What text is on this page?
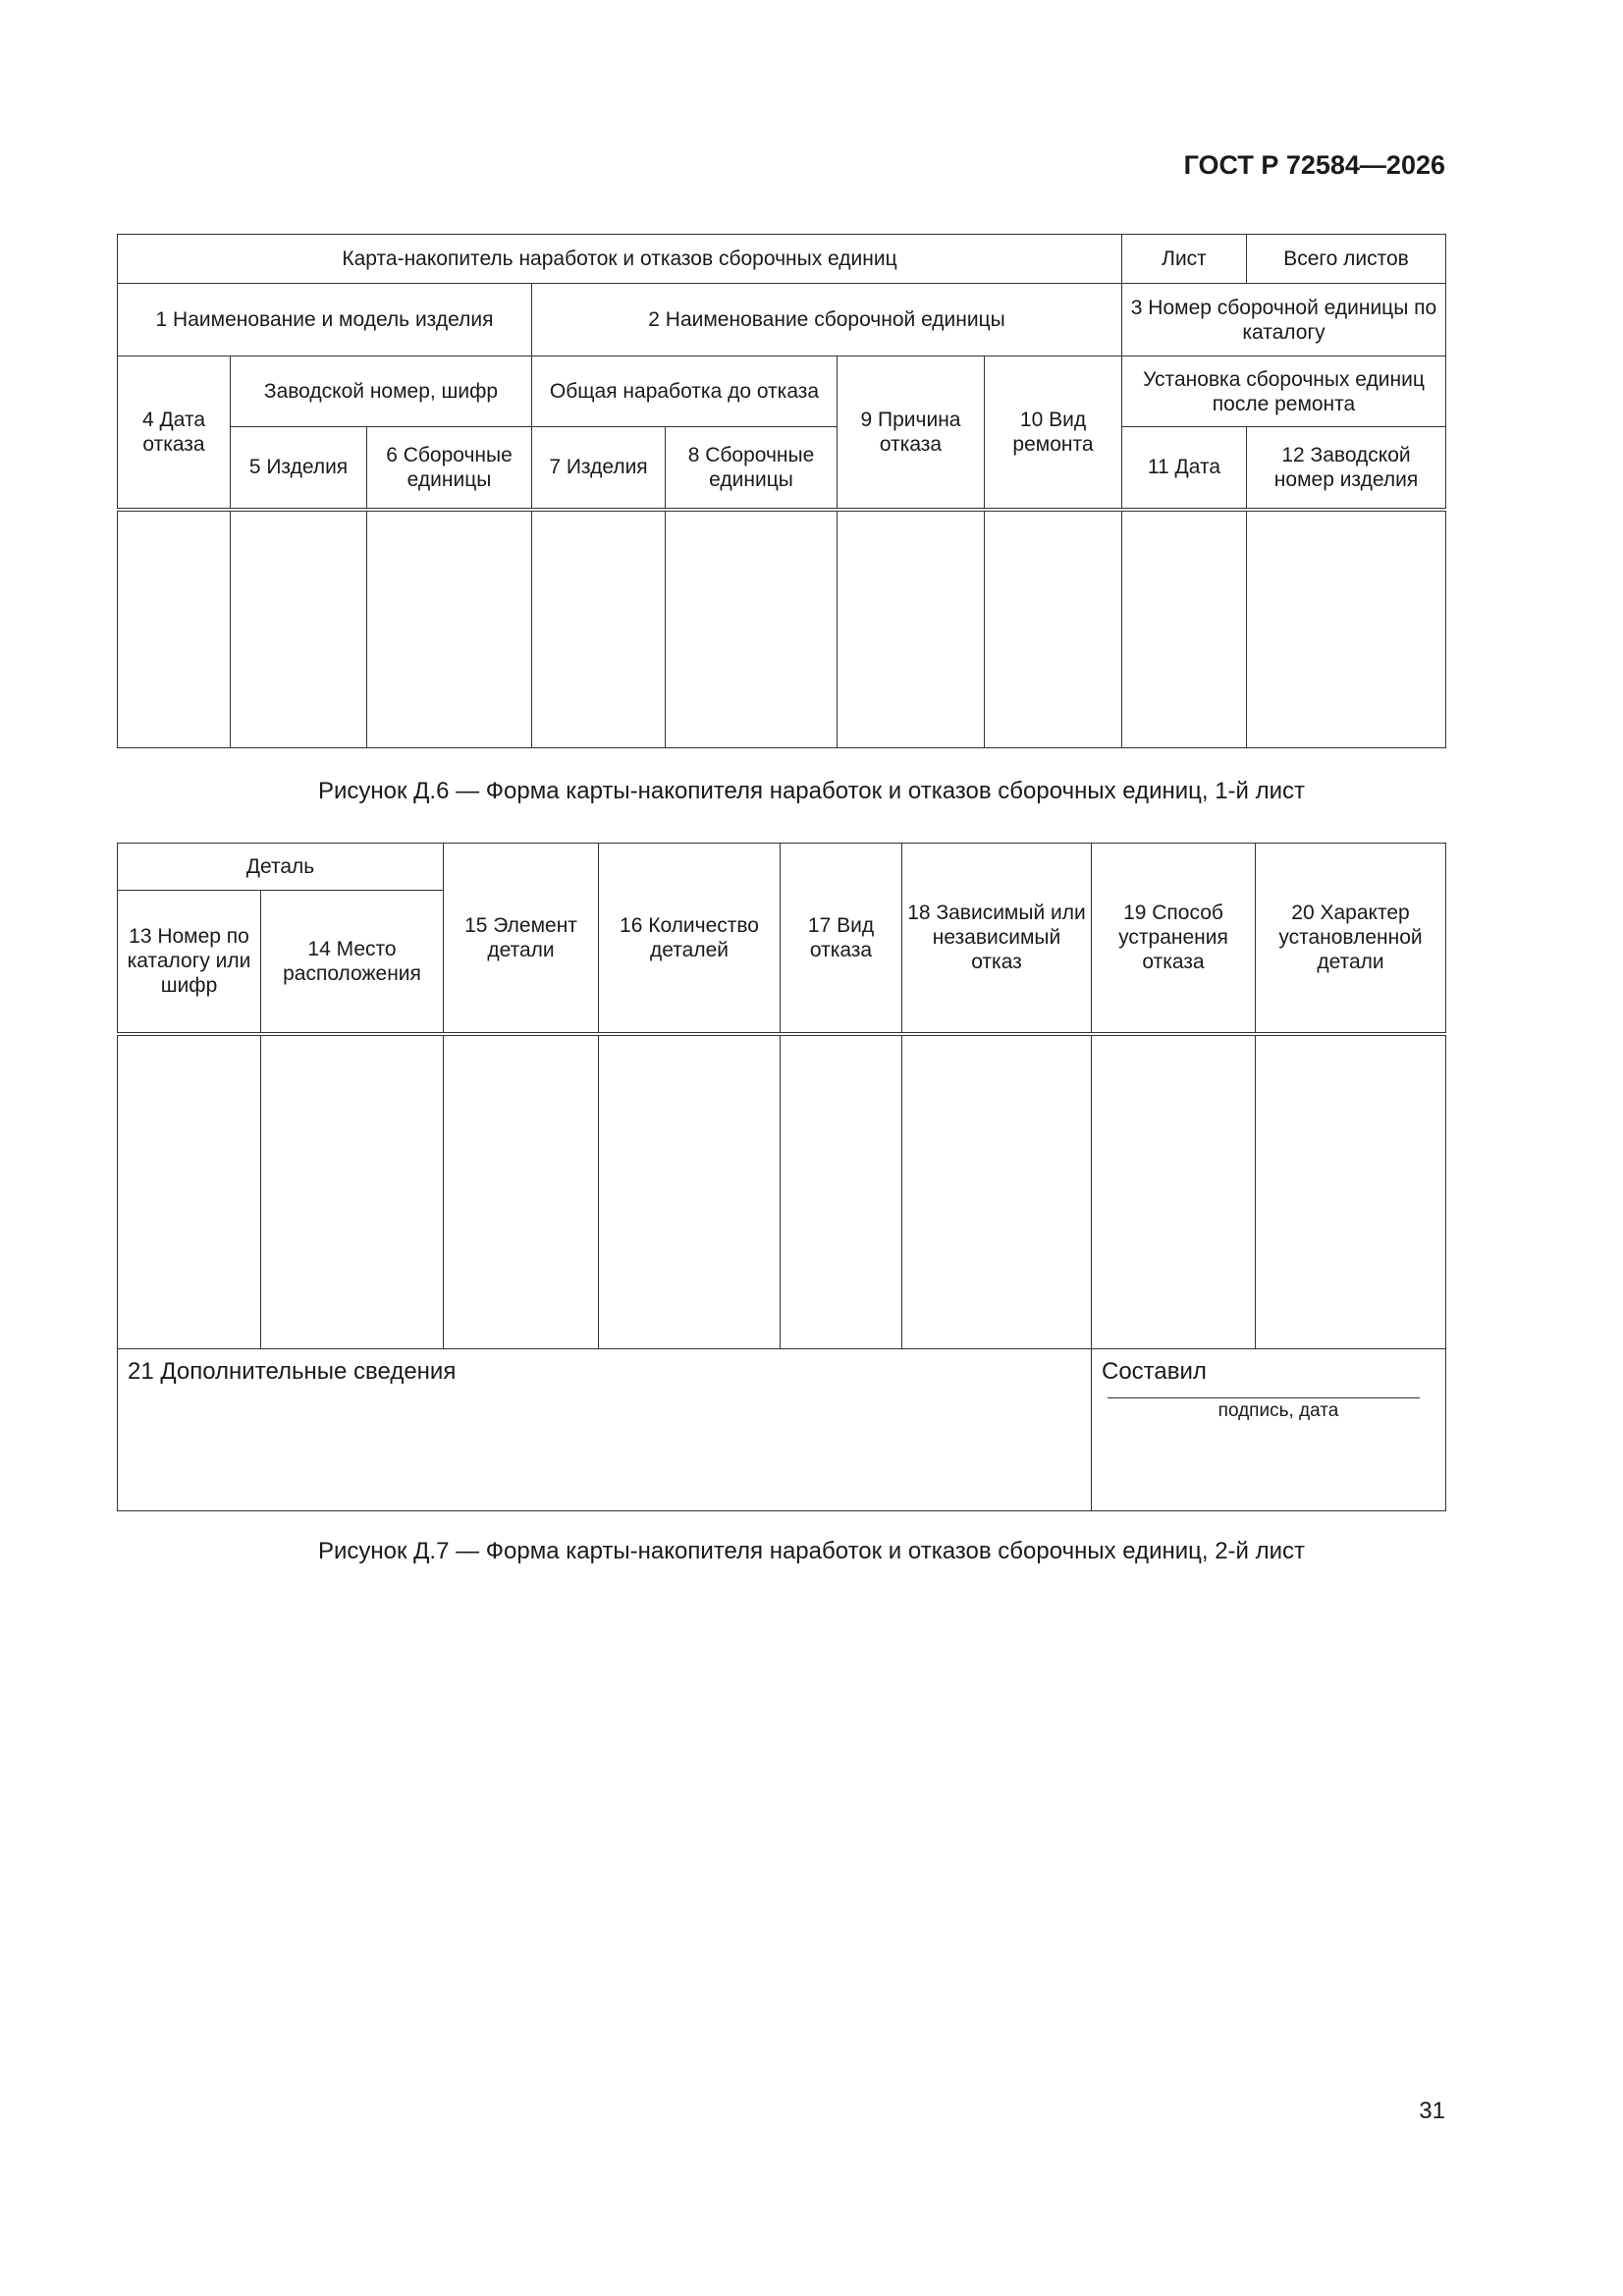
ГОСТ Р 72584—2026
Карта-накопитель наработок и отказов сборочных единиц							Лист	Всего листов
1 Наименование и модель изделия			2 Наименование сборочной единицы				3 Номер сборочной единицы по каталогу	
4 Дата отказа	Заводской номер, шифр		Общая наработка до отказа		9 Причина отказа	10 Вид ремонта	Установка сборочных единиц после ремонта	
	5 Изделия	6 Сборочные единицы	7 Изделия	8 Сборочные единицы			11 Дата	12 Заводской номер изделия

Рисунок Д.6 — Форма карты-накопителя наработок и отказов сборочных единиц, 1-й лист
Деталь		15 Элемент детали	16 Количество деталей	17 Вид отказа	18 Зависимый или независимый отказ	19 Способ устранения отказа	20 Характер установленной детали
13 Номер по каталогу или шифр	14 Место расположения						

21 Дополнительные сведения						Составил
подпись, дата	
Рисунок Д.7 — Форма карты-накопителя наработок и отказов сборочных единиц, 2-й лист
31
